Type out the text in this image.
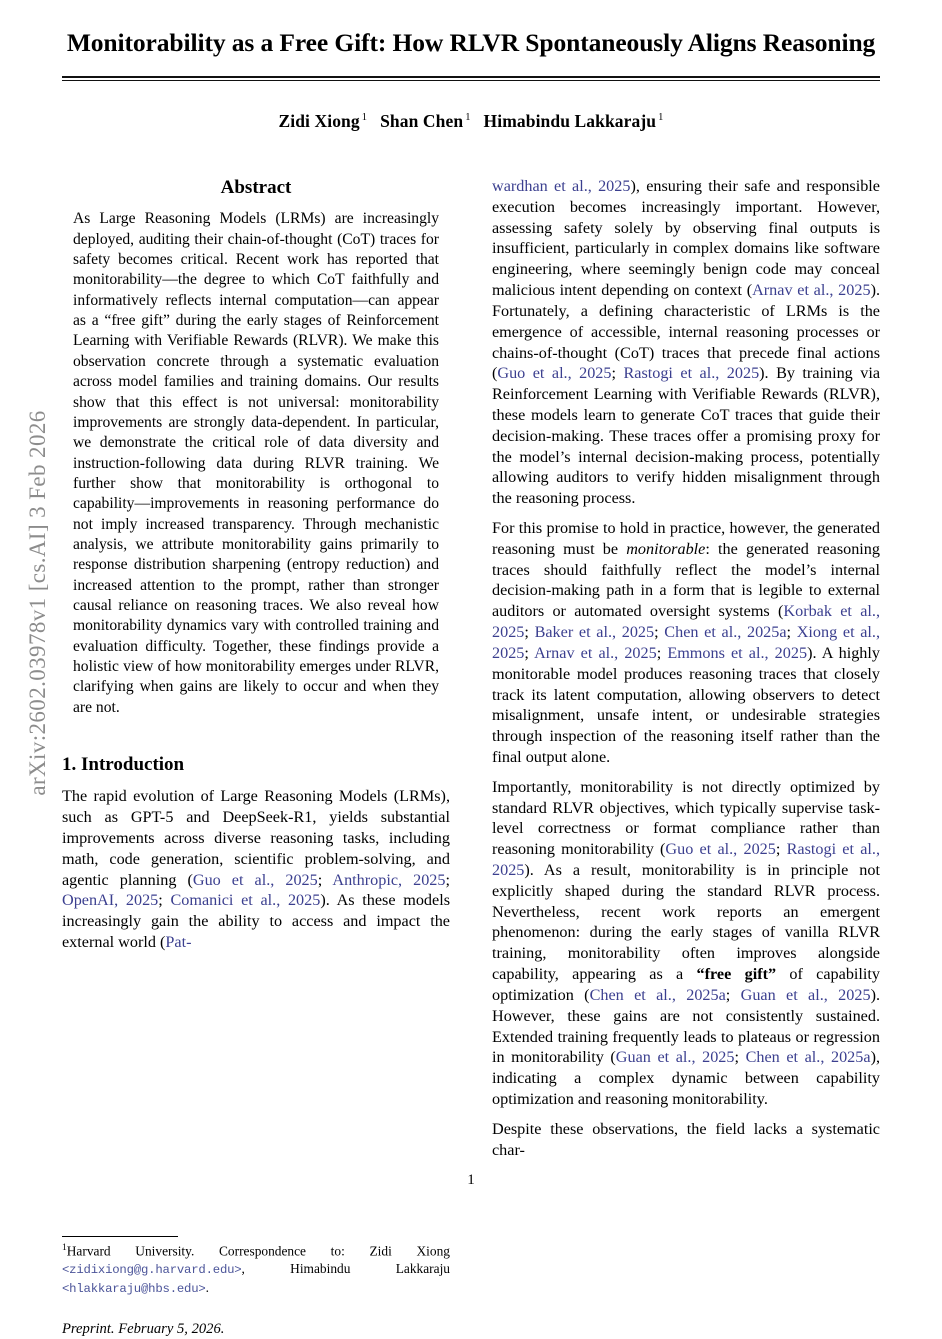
arXiv:2602.03978v1 [cs.AI] 3 Feb 2026
Monitorability as a Free Gift: How RLVR Spontaneously Aligns Reasoning
Zidi Xiong $^1$ Shan Chen $^1$ Himabindu Lakkaraju $^1$
Abstract
As Large Reasoning Models (LRMs) are increasingly deployed, auditing their chain-of-thought (CoT) traces for safety becomes critical. Recent work has reported that monitorability—the degree to which CoT faithfully and informatively reflects internal computation—can appear as a “free gift” during the early stages of Reinforcement Learning with Verifiable Rewards (RLVR). We make this observation concrete through a systematic evaluation across model families and training domains. Our results show that this effect is not universal: monitorability improvements are strongly data-dependent. In particular, we demonstrate the critical role of data diversity and instruction-following data during RLVR training. We further show that monitorability is orthogonal to capability—improvements in reasoning performance do not imply increased transparency. Through mechanistic analysis, we attribute monitorability gains primarily to response distribution sharpening (entropy reduction) and increased attention to the prompt, rather than stronger causal reliance on reasoning traces. We also reveal how monitorability dynamics vary with controlled training and evaluation difficulty. Together, these findings provide a holistic view of how monitorability emerges under RLVR, clarifying when gains are likely to occur and when they are not.
1. Introduction

The rapid evolution of Large Reasoning Models (LRMs), such as GPT-5 and DeepSeek-R1, yields substantial improvements across diverse reasoning tasks, including math, code generation, scientific problem-solving, and agentic planning (Guo et al., 2025; Anthropic, 2025; OpenAI, 2025; Comanici et al., 2025). As these models increasingly gain the ability to access and impact the external world (Pat-

$^1$Harvard University. Correspondence to: Zidi Xiong <zidixiong@g.harvard.edu>, Himabindu Lakkaraju <hlakkaraju@hbs.edu>.

Preprint. February 5, 2026.

wardhan et al., 2025), ensuring their safe and responsible execution becomes increasingly important. However, assessing safety solely by observing final outputs is insufficient, particularly in complex domains like software engineering, where seemingly benign code may conceal malicious intent depending on context (Arnav et al., 2025). Fortunately, a defining characteristic of LRMs is the emergence of accessible, internal reasoning processes or chains-of-thought (CoT) traces that precede final actions (Guo et al., 2025; Rastogi et al., 2025). By training via Reinforcement Learning with Verifiable Rewards (RLVR), these models learn to generate CoT traces that guide their decision-making. These traces offer a promising proxy for the model’s internal decision-making process, potentially allowing auditors to verify hidden misalignment through the reasoning process.

For this promise to hold in practice, however, the generated reasoning must be monitorable: the generated reasoning traces should faithfully reflect the model’s internal decision-making path in a form that is legible to external auditors or automated oversight systems (Korbak et al., 2025; Baker et al., 2025; Chen et al., 2025a; Xiong et al., 2025; Arnav et al., 2025; Emmons et al., 2025). A highly monitorable model produces reasoning traces that closely track its latent computation, allowing observers to detect misalignment, unsafe intent, or undesirable strategies through inspection of the reasoning itself rather than the final output alone.

Importantly, monitorability is not directly optimized by standard RLVR objectives, which typically supervise task-level correctness or format compliance rather than reasoning monitorability (Guo et al., 2025; Rastogi et al., 2025). As a result, monitorability is in principle not explicitly shaped during the standard RLVR process. Nevertheless, recent work reports an emergent phenomenon: during the early stages of vanilla RLVR training, monitorability often improves alongside capability, appearing as a “free gift” of capability optimization (Chen et al., 2025a; Guan et al., 2025). However, these gains are not consistently sustained. Extended training frequently leads to plateaus or regression in monitorability (Guan et al., 2025; Chen et al., 2025a), indicating a complex dynamic between capability optimization and reasoning monitorability.

Despite these observations, the field lacks a systematic char-

1
